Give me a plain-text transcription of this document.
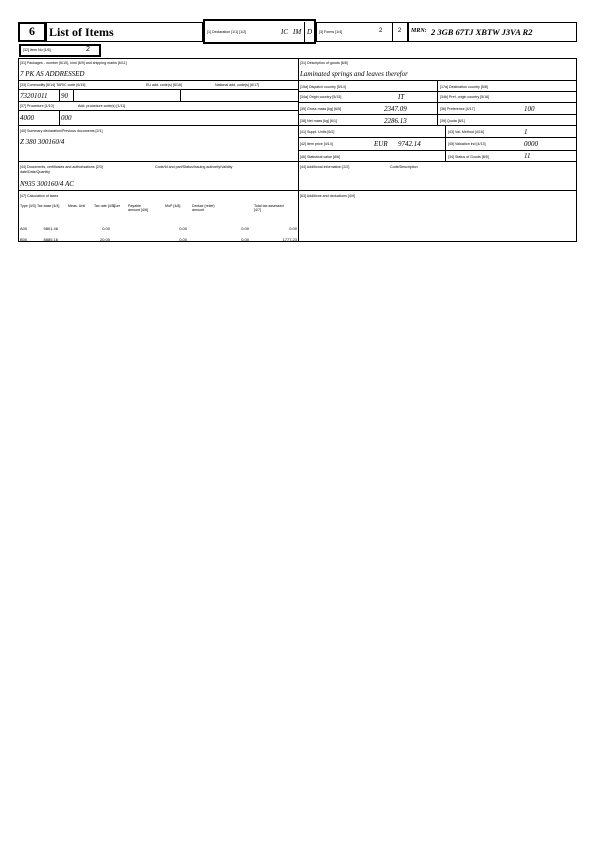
6	List of Items	[1] Declaration [1/1] [1/2]	IC IM D [3] Forms [1/4]	2	2 MRN: 2 3GB 67TJ XBTW J3VA R2
[32] Item No [1/6]	2
[31] Packages - number [6/10], kind [6/9] and shipping marks [6/11]
7 PK AS ADDRESSED
[31] Description of goods [6/8]
Laminated springs and leaves therefor
[33] Commodity [6/14] TARIC code [6/15]	EU add. code(s) [6/16]	National add. code(s) [6/17]
73201011 90
[15a] Dispatch country [5/14]	[17a] Destination country [5/8]
[34a] Origin country [5/15]	IT	[34b] Pref. origin country [5/16]
[37] Procedure [1/10]	Add. procedure code(s) [1/11]
4000	000
[35] Gross mass [kg] [6/5]	2347.09	[36] Preference [4/17]	100
[38] Net mass [kg] [6/1]	2286.13	[39] Quota [8/1]
[40] Summary declaration/Previous documents [2/1]
Z 380 300160/4
[41] Suppl. Units [6/2]	[43] Val. Method [4/16]	1
[42] Item price [4/14]	EUR 9742.14	[45] Valuation ind [4/13]	0000
[46] Statistical value [8/6]	[34] Status of Goods [8/5]	11
[44] Documents, certificates and authorisations [2/3]	Code/Id and part/Status/Issuing authority/Validity
date/Date/Quantity
N935 300160/4 AC
[44] Additional information [2/2]	Code/Description
[47] Calculation of taxes	[63] Additions and deductions [4/9]
Type [4/3] Tax base [4/4]	Meas. Unit	Tax rate [4/5]
Curr	Payable amount [4/6]
MoP [4/8]	Deduct (relief) amount
Total tax assessed [4/7]
A00	9801.46	0.00	0.00	0.00	0.00
B00	8885.16	20.00	0.00	0.00	1777.23
